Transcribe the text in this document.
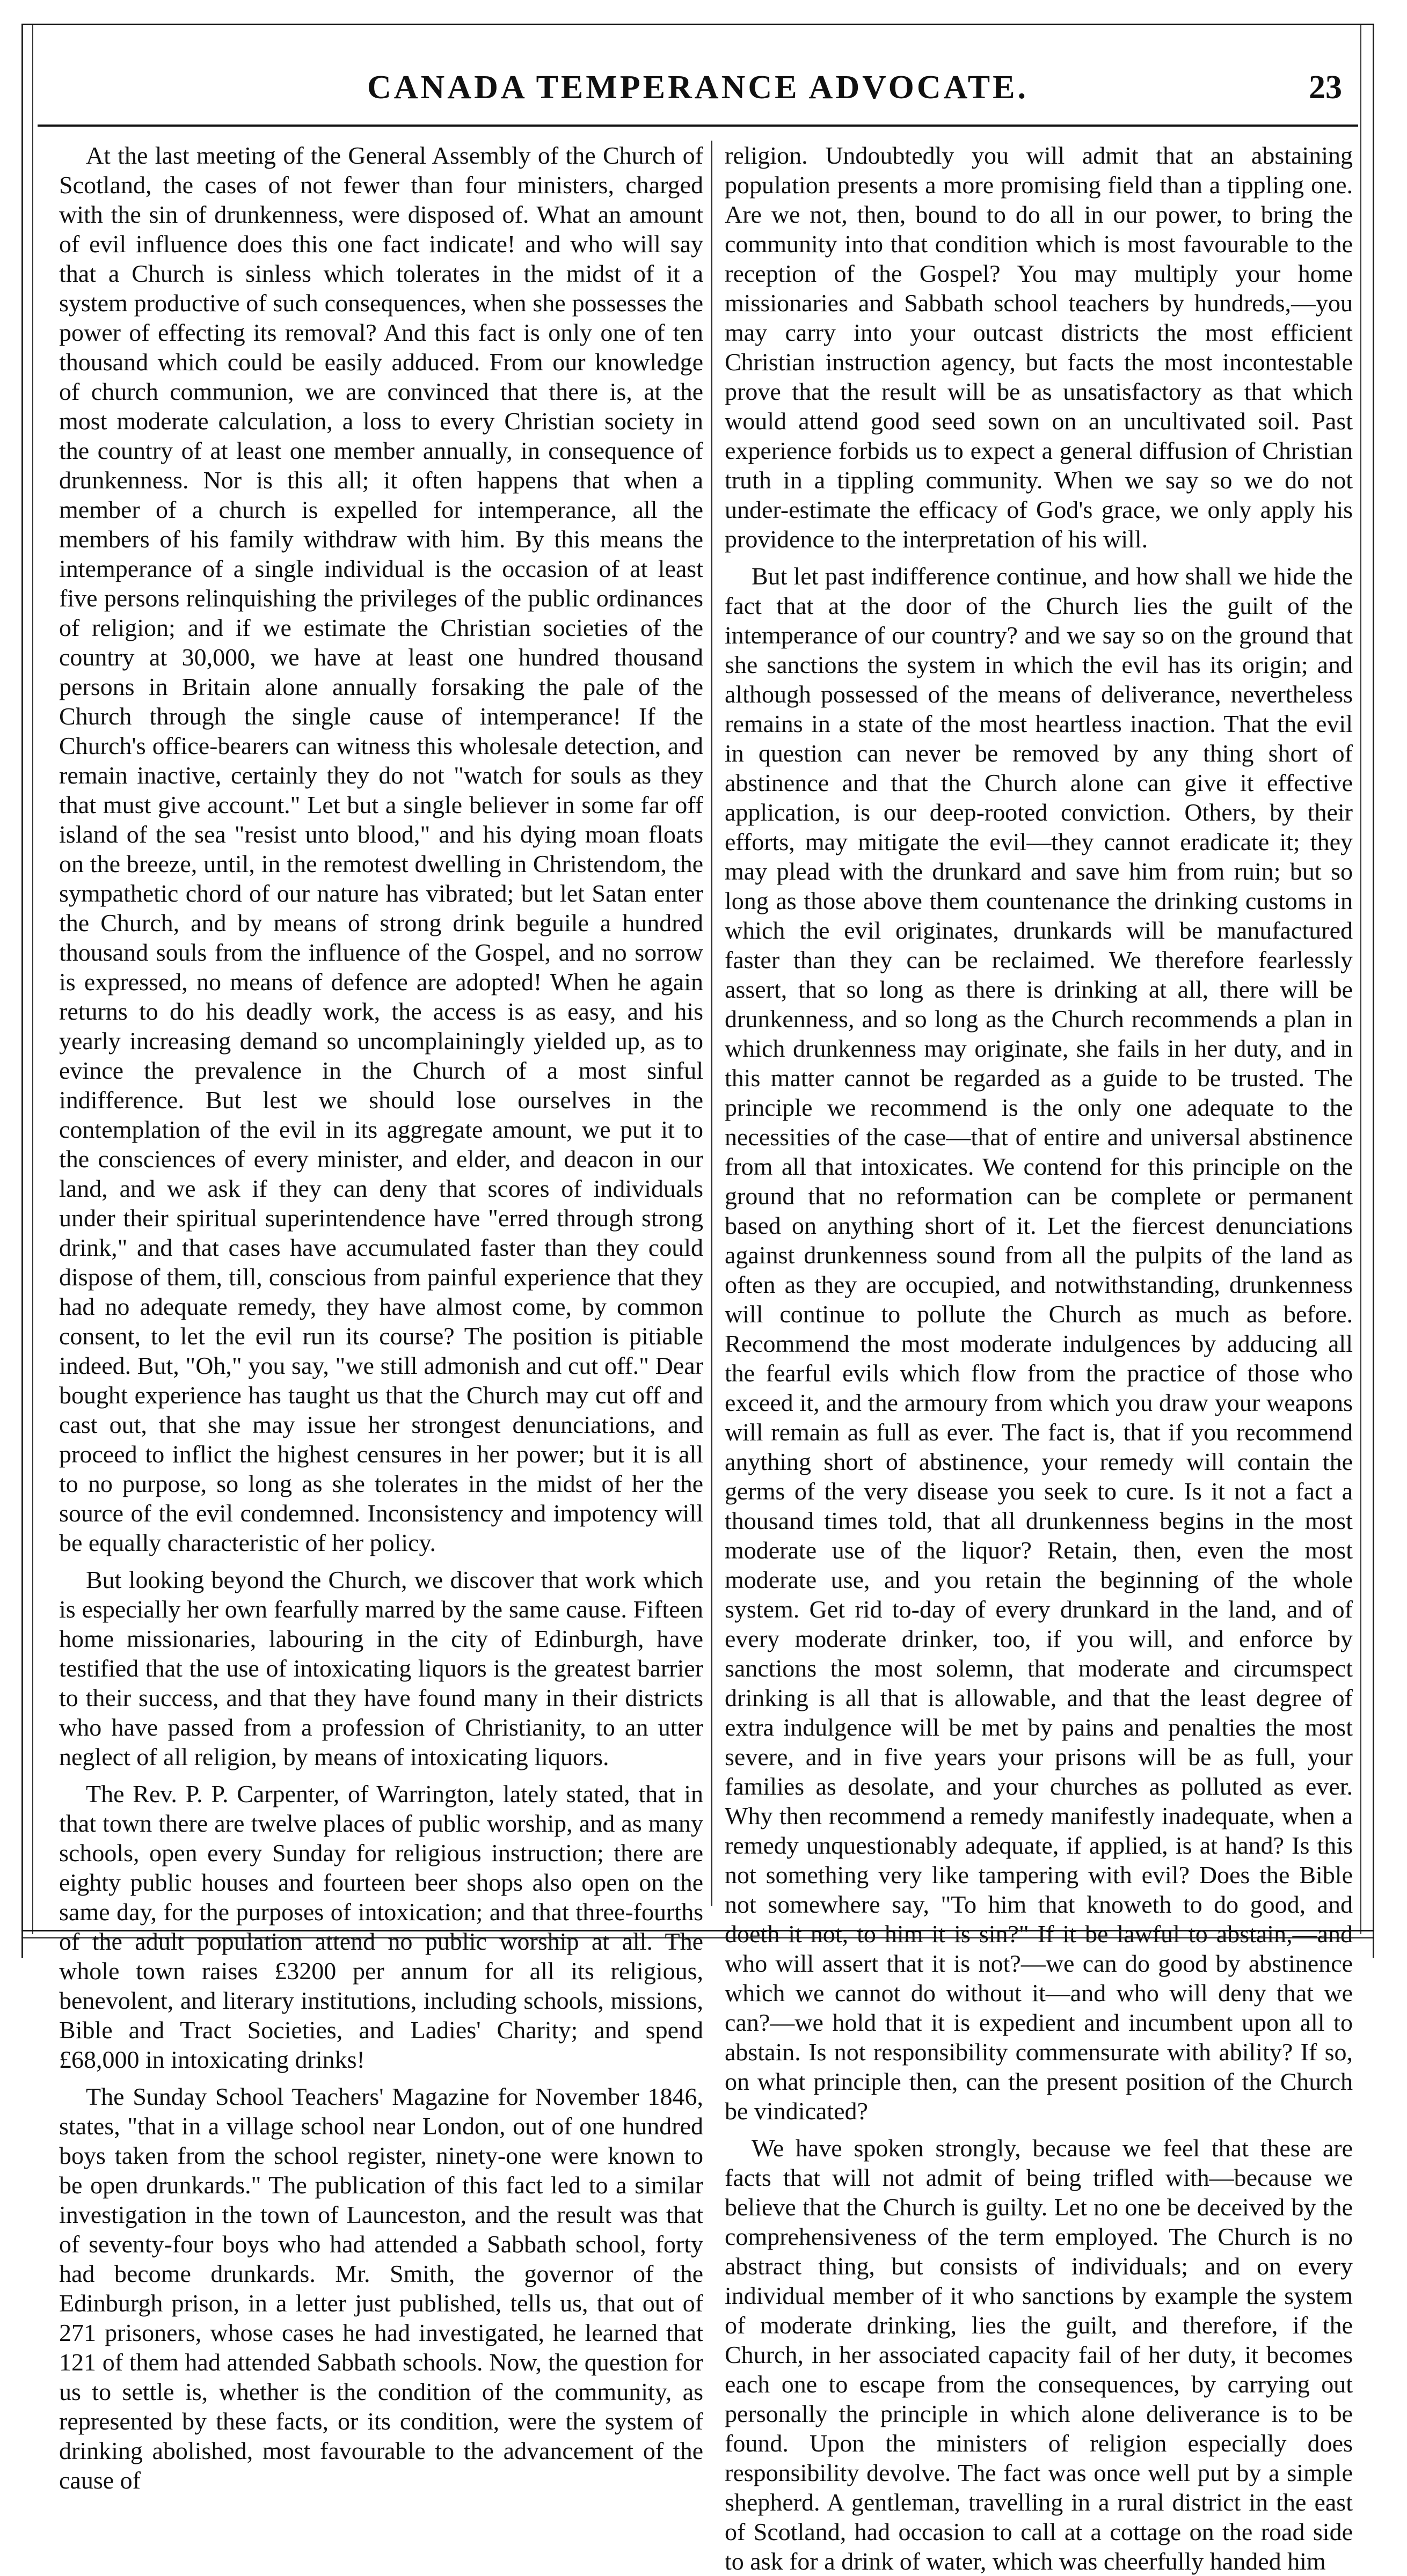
CANADA TEMPERANCE ADVOCATE.	23

At the last meeting of the General Assembly of the Church of Scotland, the cases of not fewer than four ministers, charged with the sin of drunkenness, were disposed of. What an amount of evil influence does this one fact indicate! and who will say that a Church is sinless which tolerates in the midst of it a system productive of such consequences, when she possesses the power of effecting its removal? And this fact is only one of ten thousand which could be easily adduced. From our knowledge of church communion, we are convinced that there is, at the most moderate calculation, a loss to every Christian society in the country of at least one member annually, in consequence of drunkenness. Nor is this all; it often happens that when a member of a church is expelled for intemperance, all the members of his family withdraw with him. By this means the intemperance of a single individual is the occasion of at least five persons relinquishing the privileges of the public ordinances of religion; and if we estimate the Christian societies of the country at 30,000, we have at least one hundred thousand persons in Britain alone annually forsaking the pale of the Church through the single cause of intemperance! If the Church's office-bearers can witness this wholesale detection, and remain inactive, certainly they do not "watch for souls as they that must give account." Let but a single believer in some far off island of the sea "resist unto blood," and his dying moan floats on the breeze, until, in the remotest dwelling in Christendom, the sympathetic chord of our nature has vibrated; but let Satan enter the Church, and by means of strong drink beguile a hundred thousand souls from the influence of the Gospel, and no sorrow is expressed, no means of defence are adopted! When he again returns to do his deadly work, the access is as easy, and his yearly increasing demand so uncomplainingly yielded up, as to evince the prevalence in the Church of a most sinful indifference. But lest we should lose ourselves in the contemplation of the evil in its aggregate amount, we put it to the consciences of every minister, and elder, and deacon in our land, and we ask if they can deny that scores of individuals under their spiritual superintendence have "erred through strong drink," and that cases have accumulated faster than they could dispose of them, till, conscious from painful experience that they had no adequate remedy, they have almost come, by common consent, to let the evil run its course? The position is pitiable indeed. But, "Oh," you say, "we still admonish and cut off." Dear bought experience has taught us that the Church may cut off and cast out, that she may issue her strongest denunciations, and proceed to inflict the highest censures in her power; but it is all to no purpose, so long as she tolerates in the midst of her the source of the evil condemned. Inconsistency and impotency will be equally characteristic of her policy.

But looking beyond the Church, we discover that work which is especially her own fearfully marred by the same cause. Fifteen home missionaries, labouring in the city of Edinburgh, have testified that the use of intoxicating liquors is the greatest barrier to their success, and that they have found many in their districts who have passed from a profession of Christianity, to an utter neglect of all religion, by means of intoxicating liquors.

The Rev. P. P. Carpenter, of Warrington, lately stated, that in that town there are twelve places of public worship, and as many schools, open every Sunday for religious instruction; there are eighty public houses and fourteen beer shops also open on the same day, for the purposes of intoxication; and that three-fourths of the adult population attend no public worship at all. The whole town raises £3200 per annum for all its religious, benevolent, and literary institutions, including schools, missions, Bible and Tract Societies, and Ladies' Charity; and spend £68,000 in intoxicating drinks!

The Sunday School Teachers' Magazine for November 1846, states, "that in a village school near London, out of one hundred boys taken from the school register, ninety-one were known to be open drunkards." The publication of this fact led to a similar investigation in the town of Launceston, and the result was that of seventy-four boys who had attended a Sabbath school, forty had become drunkards. Mr. Smith, the governor of the Edinburgh prison, in a letter just published, tells us, that out of 271 prisoners, whose cases he had investigated, he learned that 121 of them had attended Sabbath schools. Now, the question for us to settle is, whether is the condition of the community, as represented by these facts, or its condition, were the system of drinking abolished, most favourable to the advancement of the cause of

religion. Undoubtedly you will admit that an abstaining population presents a more promising field than a tippling one. Are we not, then, bound to do all in our power, to bring the community into that condition which is most favourable to the reception of the Gospel? You may multiply your home missionaries and Sabbath school teachers by hundreds,—you may carry into your outcast districts the most efficient Christian instruction agency, but facts the most incontestable prove that the result will be as unsatisfactory as that which would attend good seed sown on an uncultivated soil. Past experience forbids us to expect a general diffusion of Christian truth in a tippling community. When we say so we do not under-estimate the efficacy of God's grace, we only apply his providence to the interpretation of his will.

But let past indifference continue, and how shall we hide the fact that at the door of the Church lies the guilt of the intemperance of our country? and we say so on the ground that she sanctions the system in which the evil has its origin; and although possessed of the means of deliverance, nevertheless remains in a state of the most heartless inaction. That the evil in question can never be removed by any thing short of abstinence and that the Church alone can give it effective application, is our deep-rooted conviction. Others, by their efforts, may mitigate the evil—they cannot eradicate it; they may plead with the drunkard and save him from ruin; but so long as those above them countenance the drinking customs in which the evil originates, drunkards will be manufactured faster than they can be reclaimed. We therefore fearlessly assert, that so long as there is drinking at all, there will be drunkenness, and so long as the Church recommends a plan in which drunkenness may originate, she fails in her duty, and in this matter cannot be regarded as a guide to be trusted. The principle we recommend is the only one adequate to the necessities of the case—that of entire and universal abstinence from all that intoxicates. We contend for this principle on the ground that no reformation can be complete or permanent based on anything short of it. Let the fiercest denunciations against drunkenness sound from all the pulpits of the land as often as they are occupied, and notwithstanding, drunkenness will continue to pollute the Church as much as before. Recommend the most moderate indulgences by adducing all the fearful evils which flow from the practice of those who exceed it, and the armoury from which you draw your weapons will remain as full as ever. The fact is, that if you recommend anything short of abstinence, your remedy will contain the germs of the very disease you seek to cure. Is it not a fact a thousand times told, that all drunkenness begins in the most moderate use of the liquor? Retain, then, even the most moderate use, and you retain the beginning of the whole system. Get rid to-day of every drunkard in the land, and of every moderate drinker, too, if you will, and enforce by sanctions the most solemn, that moderate and circumspect drinking is all that is allowable, and that the least degree of extra indulgence will be met by pains and penalties the most severe, and in five years your prisons will be as full, your families as desolate, and your churches as polluted as ever. Why then recommend a remedy manifestly inadequate, when a remedy unquestionably adequate, if applied, is at hand? Is this not something very like tampering with evil? Does the Bible not somewhere say, "To him that knoweth to do good, and doeth it not, to him it is sin?" If it be lawful to abstain,—and who will assert that it is not?—we can do good by abstinence which we cannot do without it—and who will deny that we can?—we hold that it is expedient and incumbent upon all to abstain. Is not responsibility commensurate with ability? If so, on what principle then, can the present position of the Church be vindicated?

We have spoken strongly, because we feel that these are facts that will not admit of being trifled with—because we believe that the Church is guilty. Let no one be deceived by the comprehensiveness of the term employed. The Church is no abstract thing, but consists of individuals; and on every individual member of it who sanctions by example the system of moderate drinking, lies the guilt, and therefore, if the Church, in her associated capacity fail of her duty, it becomes each one to escape from the consequences, by carrying out personally the principle in which alone deliverance is to be found. Upon the ministers of religion especially does responsibility devolve. The fact was once well put by a simple shepherd. A gentleman, travelling in a rural district in the east of Scotland, had occasion to call at a cottage on the road side to ask for a drink of water, which was cheerfully handed him
